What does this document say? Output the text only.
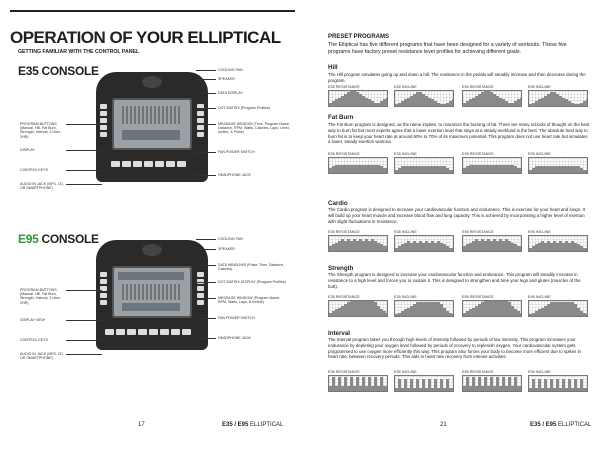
OPERATION OF YOUR ELLIPTICAL
GETTING FAMILIAR WITH THE CONTROL PANEL
E35 CONSOLE	COOLING FAN
SPEAKER
DATA DISPLAY
DOT MATRIX (Program Profiles)
MESSAGE WINDOW (Time, Program Name, Distance, RPM, Watts, Calories, Laps, Level, Incline, & Pulse)
FAN POWER SWITCH
HEADPHONE JACK
PROGRAM BUTTONS (Manual, Hill, Fat Burn, Strength, Interval, 2 User, 2HR)
DISPLAY
CONTROL KEYS
AUDIO IN JACK (MP3, CD, OR SMARTPHONE)
E95 CONSOLE	COOLING FAN
SPEAKER
DATA WINDOWS (Pulse, Time, Distance, Calories)
DOT MATRIX DISPLAY (Program Profiles)
MESSAGE WINDOW (Program Name, RPM, Watts, Laps, & Incline)
FAN POWER SWITCH
HEADPHONE JACK
PROGRAM BUTTONS (Manual, Hill, Fat Burn, Strength, Interval, 2 User, 2HR)
DISPLAY VIEW
CONTROL KEYS
AUDIO IN JACK (MP3, CD, OR SMARTPHONE)
17	E35 / E95 ELLIPTICAL
PRESET PROGRAMS
The Elliptical has five different programs that have been designed for a variety of workouts. These five programs have factory preset resistance level profiles for achieving different goals.
Hill
The Hill program simulates going up and down a hill. The resistance in the pedals will steadily increase and then decrease during the program.
E35 RESISTANCE	E35 INCLINE	E95 RESISTANCE	E95 INCLINE
Fat Burn
The Fat Burn program is designed, as the name implies, to maximize the burning of fat. There are many schools of thought on the best way to burn fat but most experts agree that a lower exertion level that stays at a steady workload is the best. The absolute best way to burn fat is to keep your heart rate at around 60% to 70% of its maximum potential. This program does not use heart rate but simulates a lower, steady exertion workout.
E35 RESISTANCE	E35 INCLINE	E95 RESISTANCE	E95 INCLINE
Cardio
The Cardio program is designed to increase your cardiovascular function and endurance. This is exercise for your heart and lungs. It will build up your heart muscle and increase blood flow and lung capacity. This is achieved by incorporating a higher level of exertion with slight fluctuations in resistance.
E35 RESISTANCE	E35 INCLINE	E95 RESISTANCE	E95 INCLINE
Strength
The Strength program is designed to increase your cardiovascular function and endurance. This program will steadily increase in resistance to a high level and forces you to sustain it. This is designed to strengthen and tone your legs and glutes (muscles of the butt).
E35 RESISTANCE	E35 INCLINE	E95 RESISTANCE	E95 INCLINE
Interval
The Interval program takes you through high levels of intensity followed by periods of low intensity. This program increases your endurance by depleting your oxygen level followed by periods of recovery to replenish oxygen. Your cardiovascular system gets programmed to use oxygen more efficiently this way. This program also forces your body to become more efficient due to spikes in heart rate, between recovery periods. This aids in heart rate recovery from intense activities.
E35 RESISTANCE	E35 INCLINE	E95 RESISTANCE	E95 INCLINE
21	E35 / E95 ELLIPTICAL
